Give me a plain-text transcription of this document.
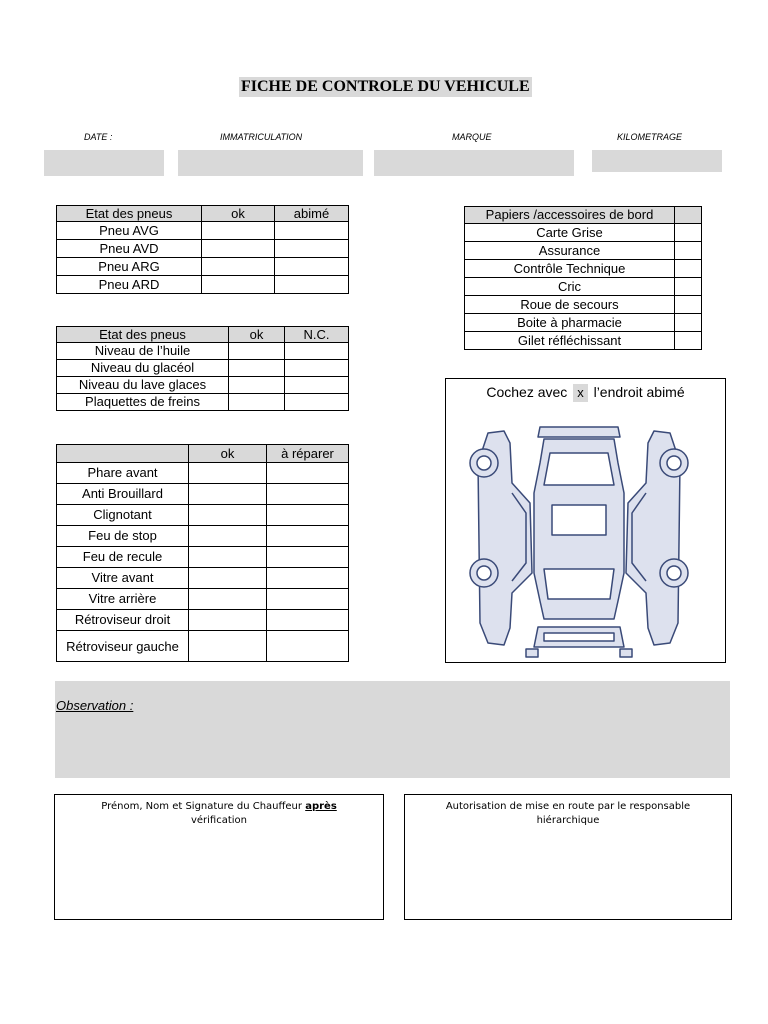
FICHE DE CONTROLE DU VEHICULE
DATE :	IMMATRICULATION	MARQUE	KILOMETRAGE
Etat des pneus	ok	abimé
Pneu AVG		
Pneu AVD		
Pneu ARG		
Pneu ARD		
Etat des pneus	ok	N.C.
Niveau de l’huile		
Niveau du glacéol		
Niveau du lave glaces		
Plaquettes de freins		
	ok	à réparer
Phare avant		
Anti Brouillard		
Clignotant		
Feu de stop		
Feu de recule		
Vitre avant		
Vitre arrière		
Rétroviseur droit		
Rétroviseur gauche		
Papiers /accessoires de bord	
Carte Grise	
Assurance	
Contrôle Technique	
Cric	
Roue de secours	
Boite à pharmacie	
Gilet réfléchissant	
Cochez avec x l’endroit abimé
Observation :
Prénom, Nom et Signature du Chauffeur après vérification
Autorisation de mise en route par le responsable hiérarchique
